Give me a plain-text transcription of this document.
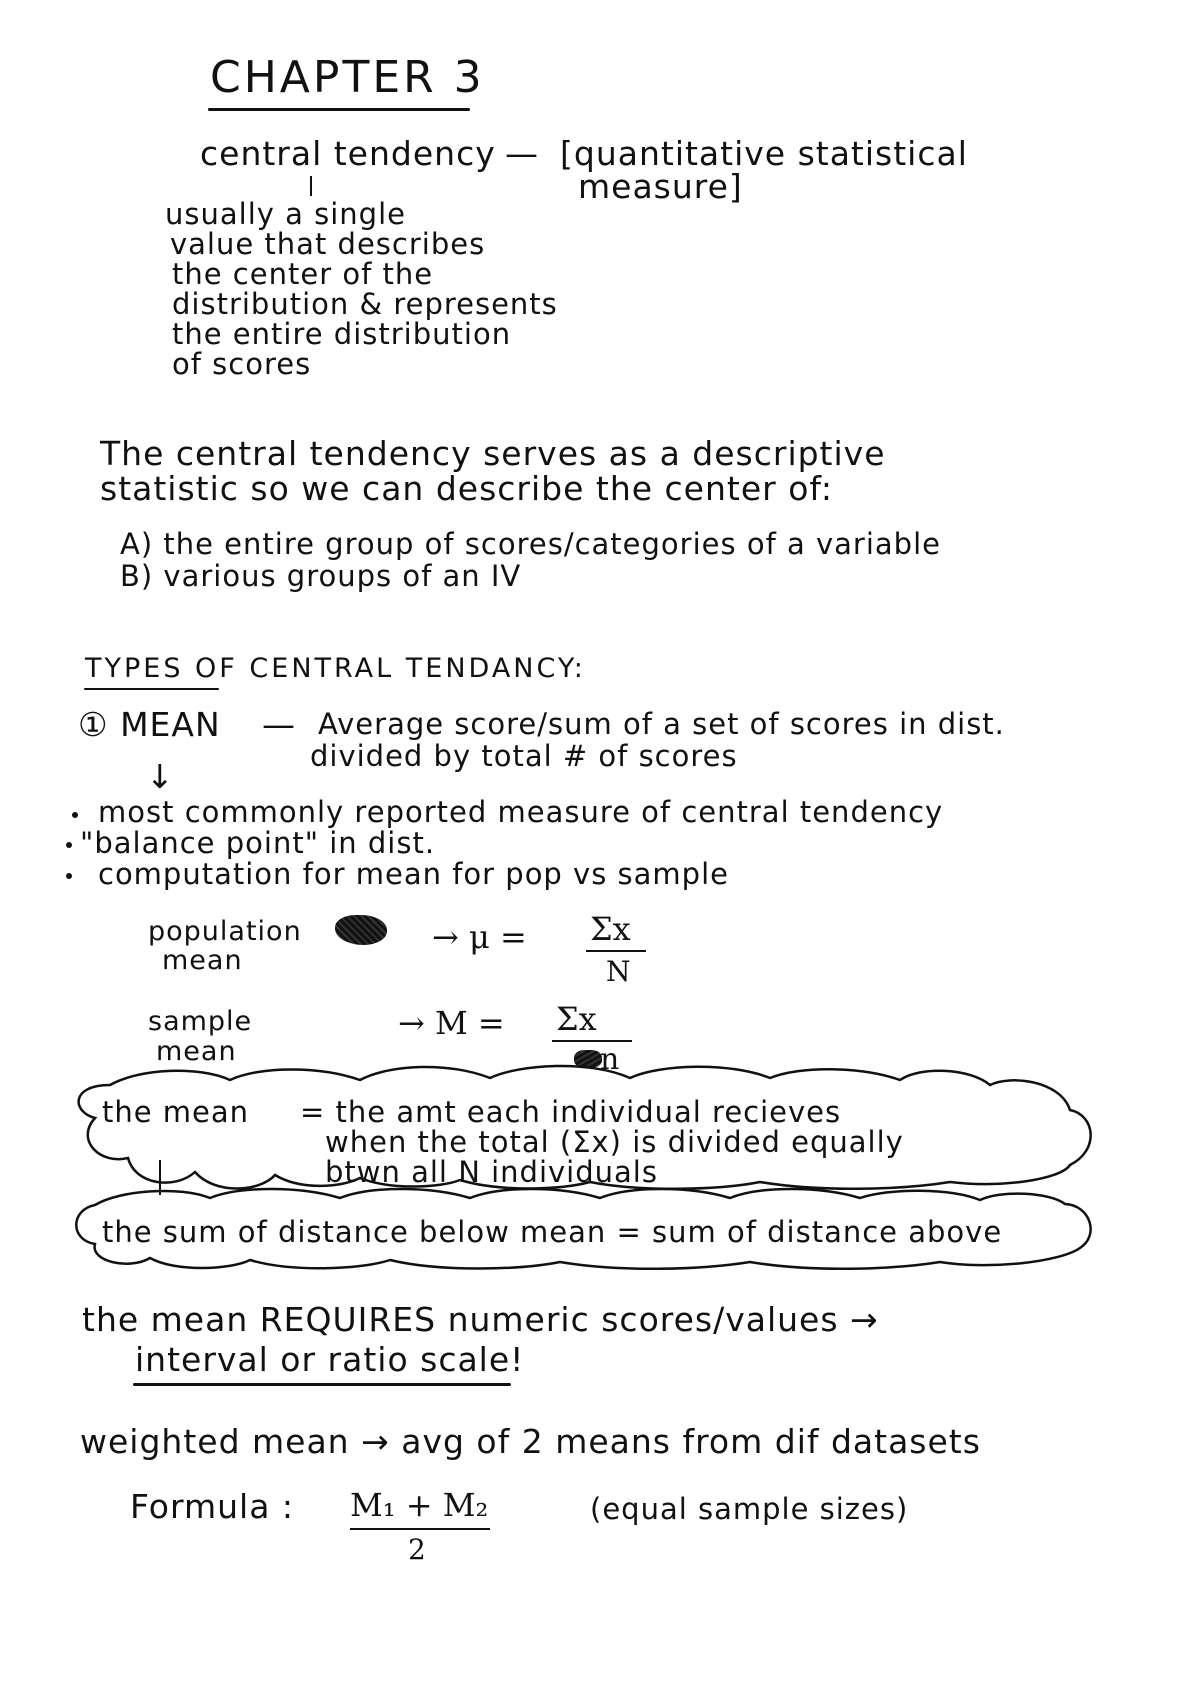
CHAPTER 3
central tendency — [quantitative statistical
measure]
usually a single
value that describes
the center of the
distribution & represents
the entire distribution
of scores
The central tendency serves as a descriptive
statistic so we can describe the center of:
A) the entire group of scores/categories of a variable
B) various groups of an IV
TYPES OF CENTRAL TENDANCY:
① MEAN — Average score/sum of a set of scores in dist.
divided by total # of scores
↓
most commonly reported measure of central tendency
"balance point" in dist.
computation for mean for pop vs sample
population
mean
→ μ = Σx
N
sample
mean
→ M = Σx
n
the mean = the amt each individual recieves
when the total (Σx) is divided equally
btwn all N individuals
the sum of distance below mean = sum of distance above
the mean REQUIRES numeric scores/values →
interval or ratio scale!
weighted mean → avg of 2 means from dif datasets
Formula : M₁ + M₂
2
(equal sample sizes)
